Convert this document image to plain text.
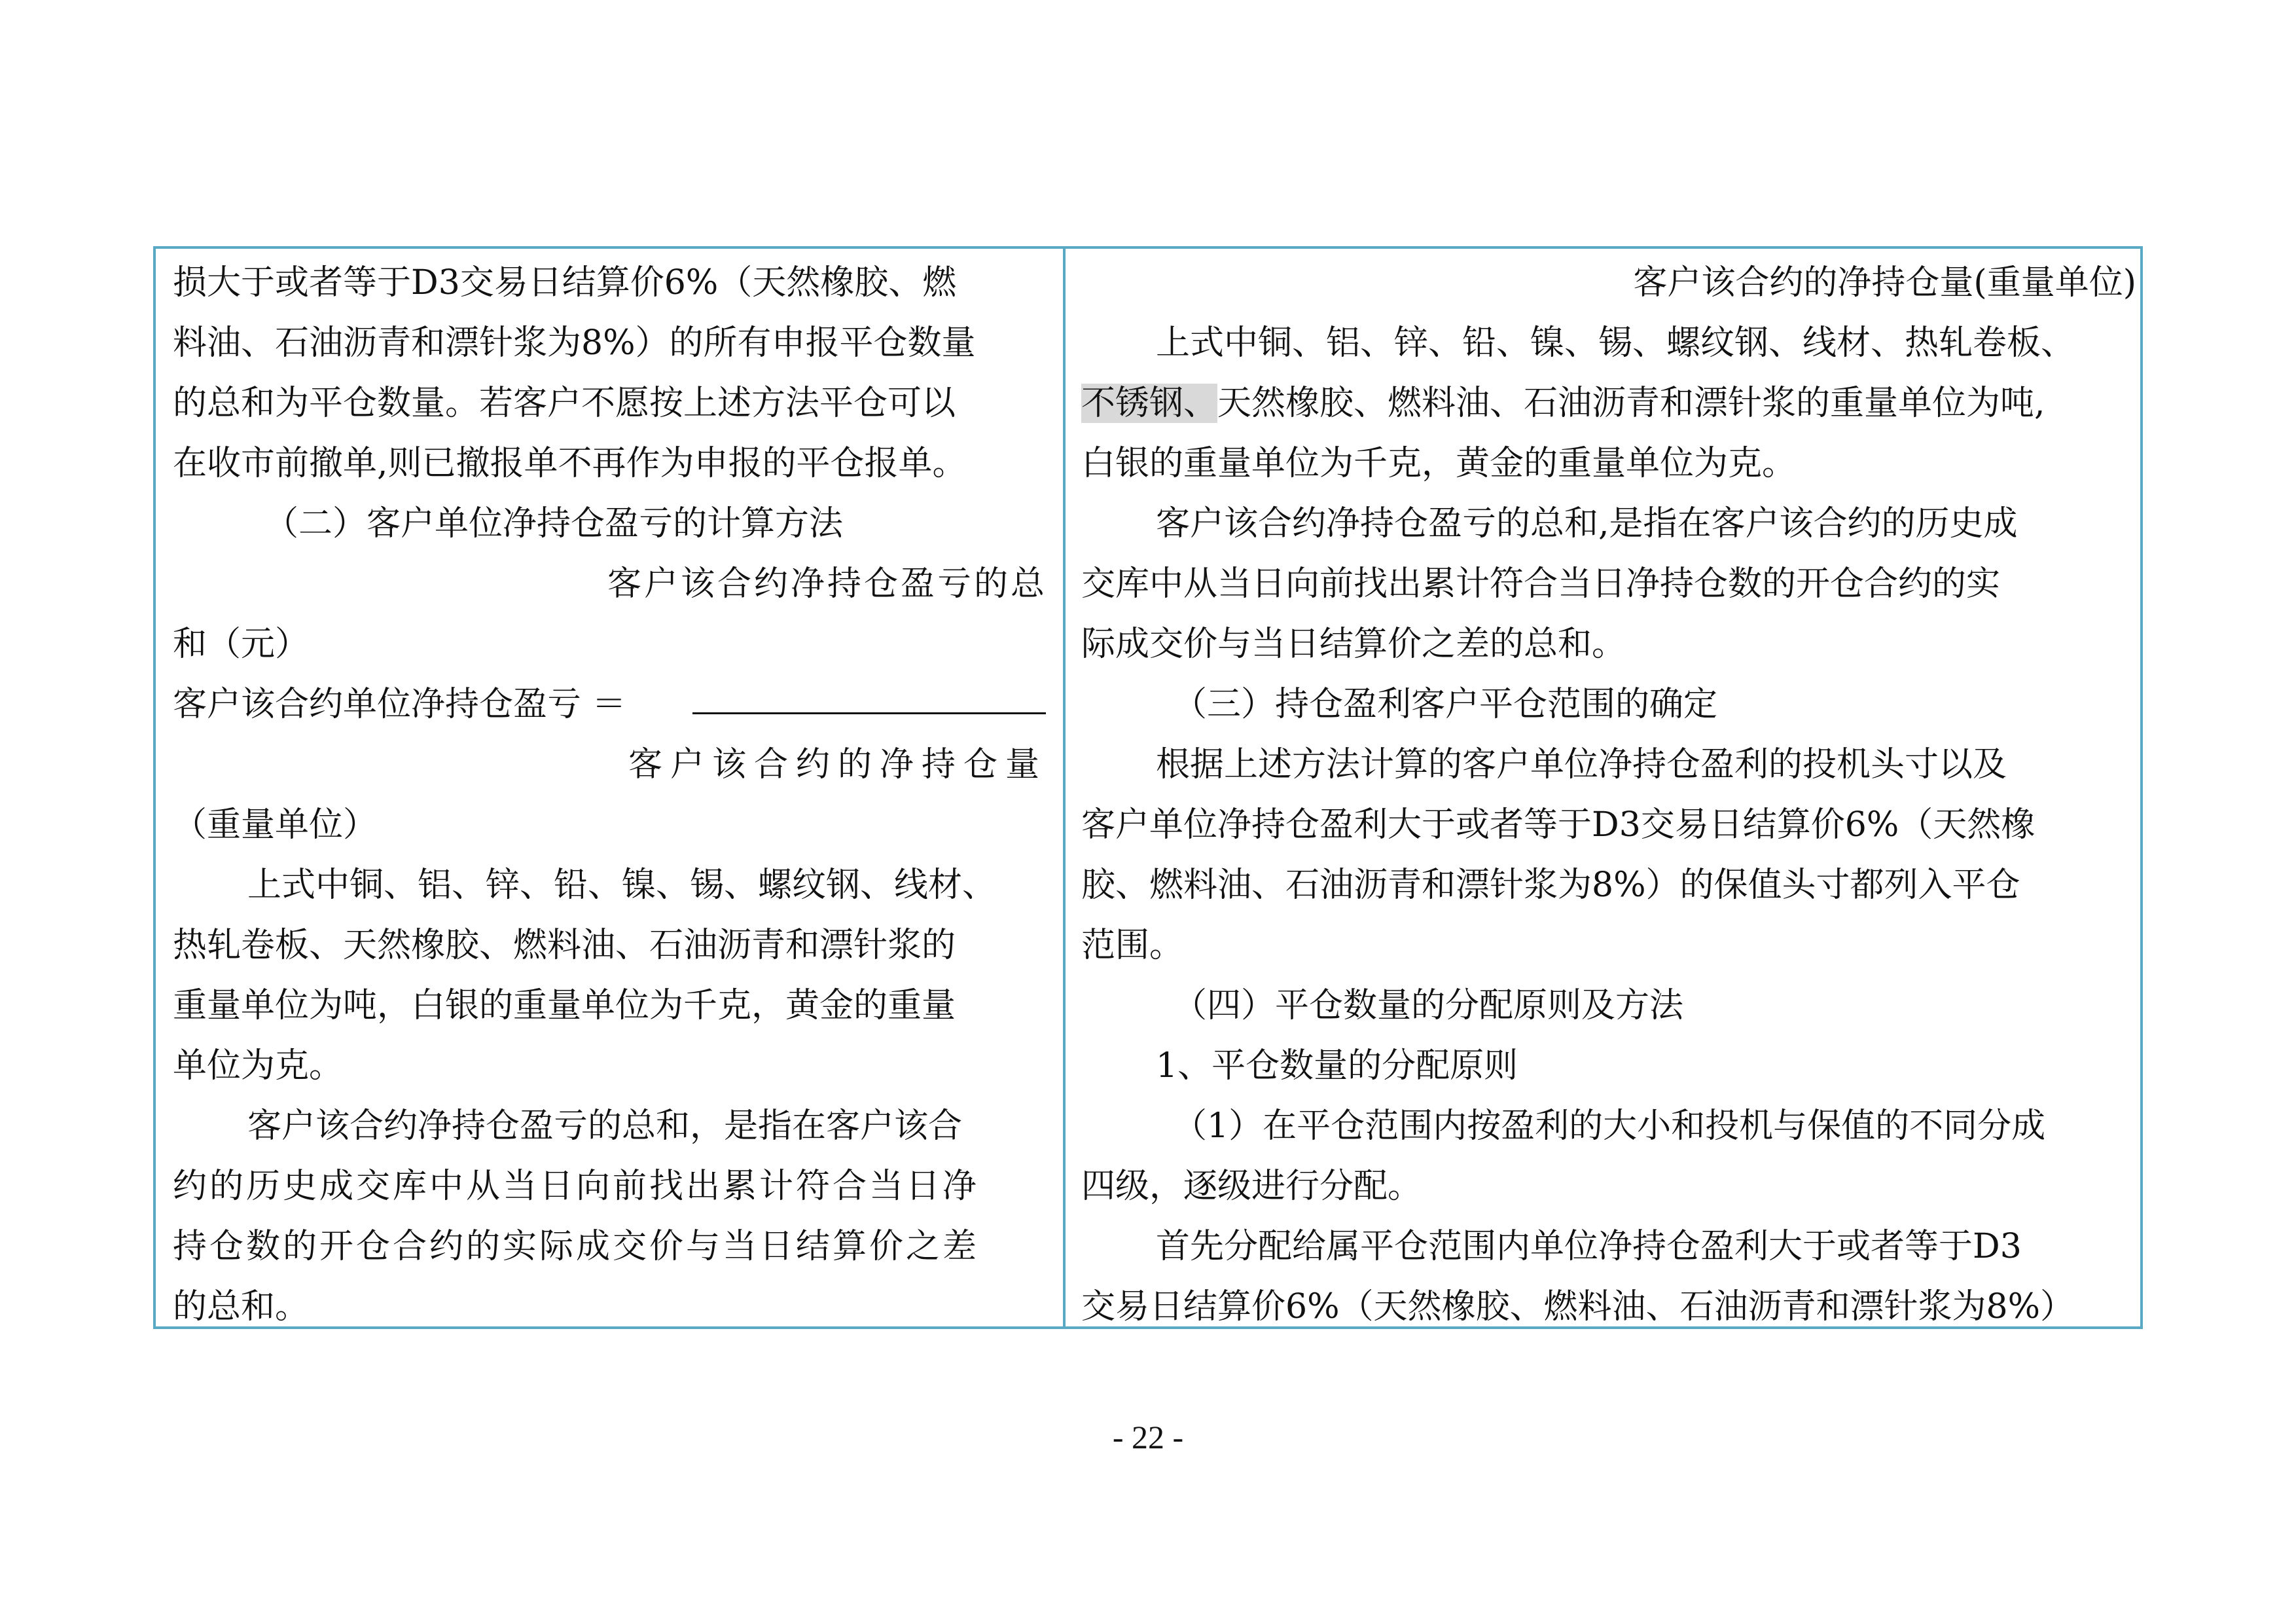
损大于或者等于D3交易日结算价6%（天然橡胶、燃
料油、石油沥青和漂针浆为8%）的所有申报平仓数量
的总和为平仓数量。若客户不愿按上述方法平仓可以
在收市前撤单,则已撤报单不再作为申报的平仓报单。
（二）客户单位净持仓盈亏的计算方法
客户该合约净持仓盈亏的总
和（元）
客户该合约单位净持仓盈亏 ＝
客户该合约的净持仓量
（重量单位）
上式中铜、铝、锌、铅、镍、锡、螺纹钢、线材、
热轧卷板、天然橡胶、燃料油、石油沥青和漂针浆的
重量单位为吨，白银的重量单位为千克，黄金的重量
单位为克。
客户该合约净持仓盈亏的总和，是指在客户该合
约的历史成交库中从当日向前找出累计符合当日净
持仓数的开仓合约的实际成交价与当日结算价之差
的总和。
客户该合约的净持仓量(重量单位)
上式中铜、铝、锌、铅、镍、锡、螺纹钢、线材、热轧卷板、
不锈钢、天然橡胶、燃料油、石油沥青和漂针浆的重量单位为吨,
白银的重量单位为千克，黄金的重量单位为克。
客户该合约净持仓盈亏的总和,是指在客户该合约的历史成
交库中从当日向前找出累计符合当日净持仓数的开仓合约的实
际成交价与当日结算价之差的总和。
（三）持仓盈利客户平仓范围的确定
根据上述方法计算的客户单位净持仓盈利的投机头寸以及
客户单位净持仓盈利大于或者等于D3交易日结算价6%（天然橡
胶、燃料油、石油沥青和漂针浆为8%）的保值头寸都列入平仓
范围。
（四）平仓数量的分配原则及方法
1、平仓数量的分配原则
（1）在平仓范围内按盈利的大小和投机与保值的不同分成
四级，逐级进行分配。
首先分配给属平仓范围内单位净持仓盈利大于或者等于D3
交易日结算价6%（天然橡胶、燃料油、石油沥青和漂针浆为8%）
- 22 -
